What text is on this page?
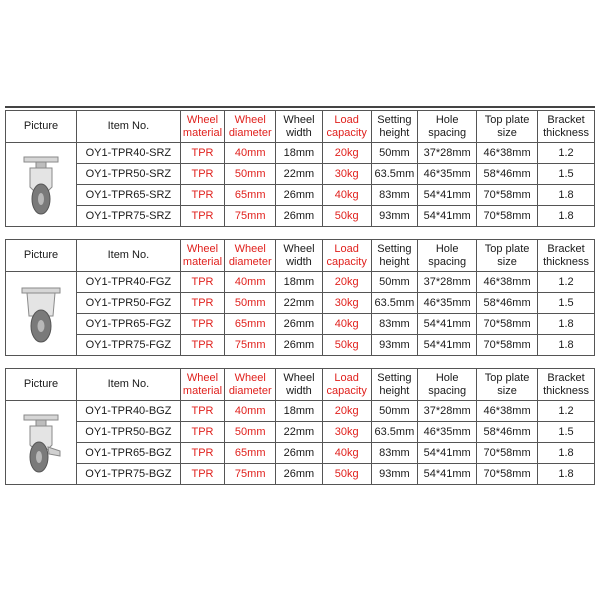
Picture	Item No.	Wheel material	Wheel diameter	Wheel width	Load capacity	Setting height	Hole spacing	Top plate size	Bracket thickness

	OY1-TPR40-SRZ	TPR	40mm	18mm	20kg	50mm	37*28mm	46*38mm	1.2
	OY1-TPR50-SRZ	TPR	50mm	22mm	30kg	63.5mm	46*35mm	58*46mm	1.5
	OY1-TPR65-SRZ	TPR	65mm	26mm	40kg	83mm	54*41mm	70*58mm	1.8
	OY1-TPR75-SRZ	TPR	75mm	26mm	50kg	93mm	54*41mm	70*58mm	1.8
Picture	Item No.	Wheel material	Wheel diameter	Wheel width	Load capacity	Setting height	Hole spacing	Top plate size	Bracket thickness

	OY1-TPR40-FGZ	TPR	40mm	18mm	20kg	50mm	37*28mm	46*38mm	1.2
	OY1-TPR50-FGZ	TPR	50mm	22mm	30kg	63.5mm	46*35mm	58*46mm	1.5
	OY1-TPR65-FGZ	TPR	65mm	26mm	40kg	83mm	54*41mm	70*58mm	1.8
	OY1-TPR75-FGZ	TPR	75mm	26mm	50kg	93mm	54*41mm	70*58mm	1.8
Picture	Item No.	Wheel material	Wheel diameter	Wheel width	Load capacity	Setting height	Hole spacing	Top plate size	Bracket thickness

	OY1-TPR40-BGZ	TPR	40mm	18mm	20kg	50mm	37*28mm	46*38mm	1.2
	OY1-TPR50-BGZ	TPR	50mm	22mm	30kg	63.5mm	46*35mm	58*46mm	1.5
	OY1-TPR65-BGZ	TPR	65mm	26mm	40kg	83mm	54*41mm	70*58mm	1.8
	OY1-TPR75-BGZ	TPR	75mm	26mm	50kg	93mm	54*41mm	70*58mm	1.8
